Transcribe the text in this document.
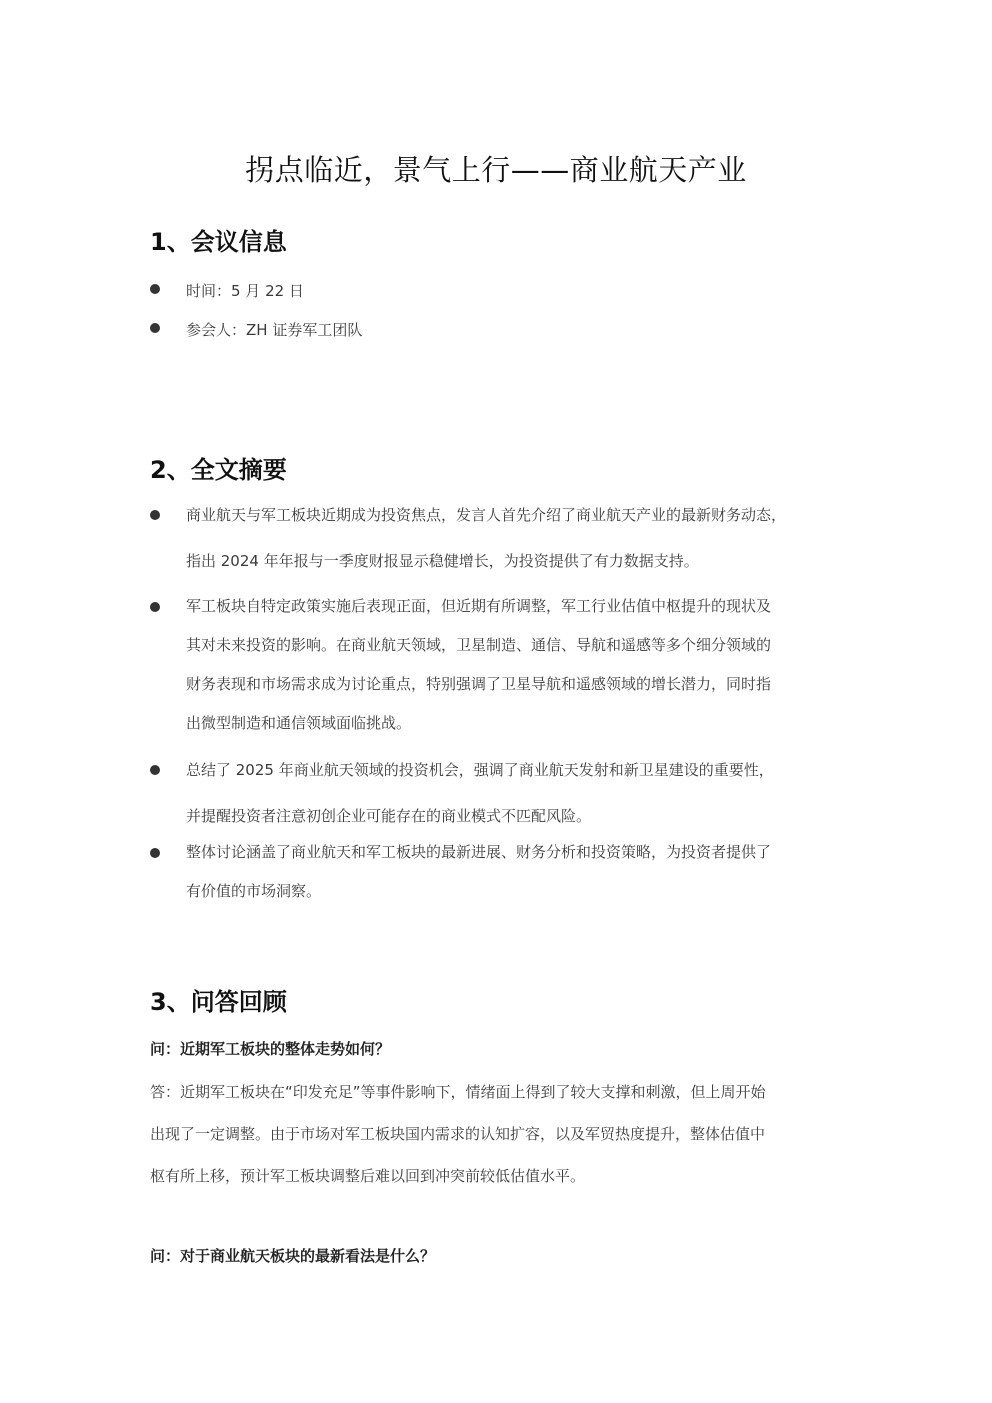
拐点临近，景气上行——商业航天产业
1、会议信息
时间：5 月 22 日
参会人：ZH 证券军工团队
2、全文摘要
商业航天与军工板块近期成为投资焦点，发言人首先介绍了商业航天产业的最新财务动态，
指出 2024 年年报与一季度财报显示稳健增长，为投资提供了有力数据支持。
军工板块自特定政策实施后表现正面，但近期有所调整，军工行业估值中枢提升的现状及
其对未来投资的影响。在商业航天领域，卫星制造、通信、导航和遥感等多个细分领域的
财务表现和市场需求成为讨论重点，特别强调了卫星导航和遥感领域的增长潜力，同时指
出微型制造和通信领域面临挑战。
总结了 2025 年商业航天领域的投资机会，强调了商业航天发射和新卫星建设的重要性，
并提醒投资者注意初创企业可能存在的商业模式不匹配风险。
整体讨论涵盖了商业航天和军工板块的最新进展、财务分析和投资策略，为投资者提供了
有价值的市场洞察。
3、问答回顾
问：近期军工板块的整体走势如何？
答：近期军工板块在“印发充足”等事件影响下，情绪面上得到了较大支撑和刺激，但上周开始
出现了一定调整。由于市场对军工板块国内需求的认知扩容，以及军贸热度提升，整体估值中
枢有所上移，预计军工板块调整后难以回到冲突前较低估值水平。
问：对于商业航天板块的最新看法是什么？
